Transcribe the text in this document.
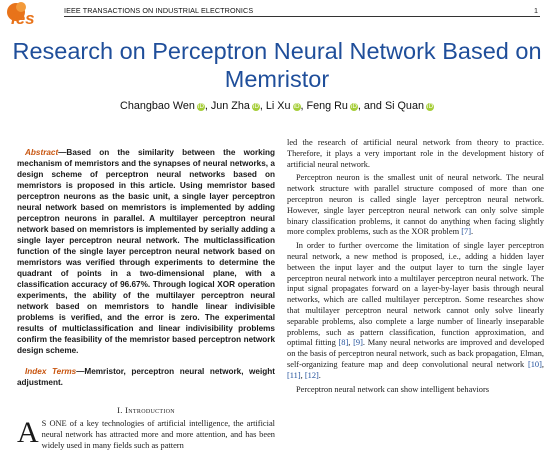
ies	IEEE TRANSACTIONS ON INDUSTRIAL ELECTRONICS	1
Research on Perceptron Neural Network Based on Memristor
Changbao Wen iD, Jun Zha iD, Li Xu iD, Feng Ru iD, and Si Quan iD

Abstract—Based on the similarity between the working mechanism of memristors and the synapses of neural networks, a design scheme of perceptron neural networks based on memristors is proposed in this article. Using memristor based perceptron neurons as the basic unit, a single layer perceptron neural network based on memristors is implemented by adding perceptron neurons in parallel. A multilayer perceptron neural network based on memristors is implemented by serially adding a single layer perceptron neural network. The multiclassification function of the single layer perceptron neural network based on memristors was verified through experiments to determine the quadrant of points in a two-dimensional plane, with a classification accuracy of 96.67%. Through logical XOR operation experiments, the ability of the multilayer perceptron neural network based on memristors to handle linear indivisible problems is verified, and the error is zero. The experimental results of multiclassification and linear indivisibility problems confirm the feasibility of the memristor based perceptron network design scheme.

Index Terms—Memristor, perceptron neural network, weight adjustment.

I. Introduction

A S ONE of a key technologies of artificial intelligence, the artificial neural network has attracted more and more attention, and has been widely used in many fields such as pattern

led the research of artificial neural network from theory to practice. Therefore, it plays a very important role in the development history of artificial neural network.

Perceptron neuron is the smallest unit of neural network. The neural network structure with parallel structure composed of more than one perceptron neuron is called single layer perceptron neural network. However, single layer perceptron neural network can only solve simple binary classification problems, it cannot do anything when facing slightly more complex problems, such as the XOR problem [7].

In order to further overcome the limitation of single layer perceptron neural network, a new method is proposed, i.e., adding a hidden layer between the input layer and the output layer to turn the single layer perceptron neural network into a multilayer perceptron neural network. The input signal propagates forward on a layer-by-layer basis through neural networks, which are called multilayer perceptron. Some researches show that multilayer perceptron neural network cannot only solve linearly separable problems, also complete a large number of linearly inseparable problems, such as pattern classification, function approximation, and optimal fitting [8], [9]. Many neural networks are improved and developed on the basis of perceptron neural network, such as back propagation, Elman, self-organizing feature map and deep convolutional neural network [10], [11], [12].

Perceptron neural network can show intelligent behaviors
